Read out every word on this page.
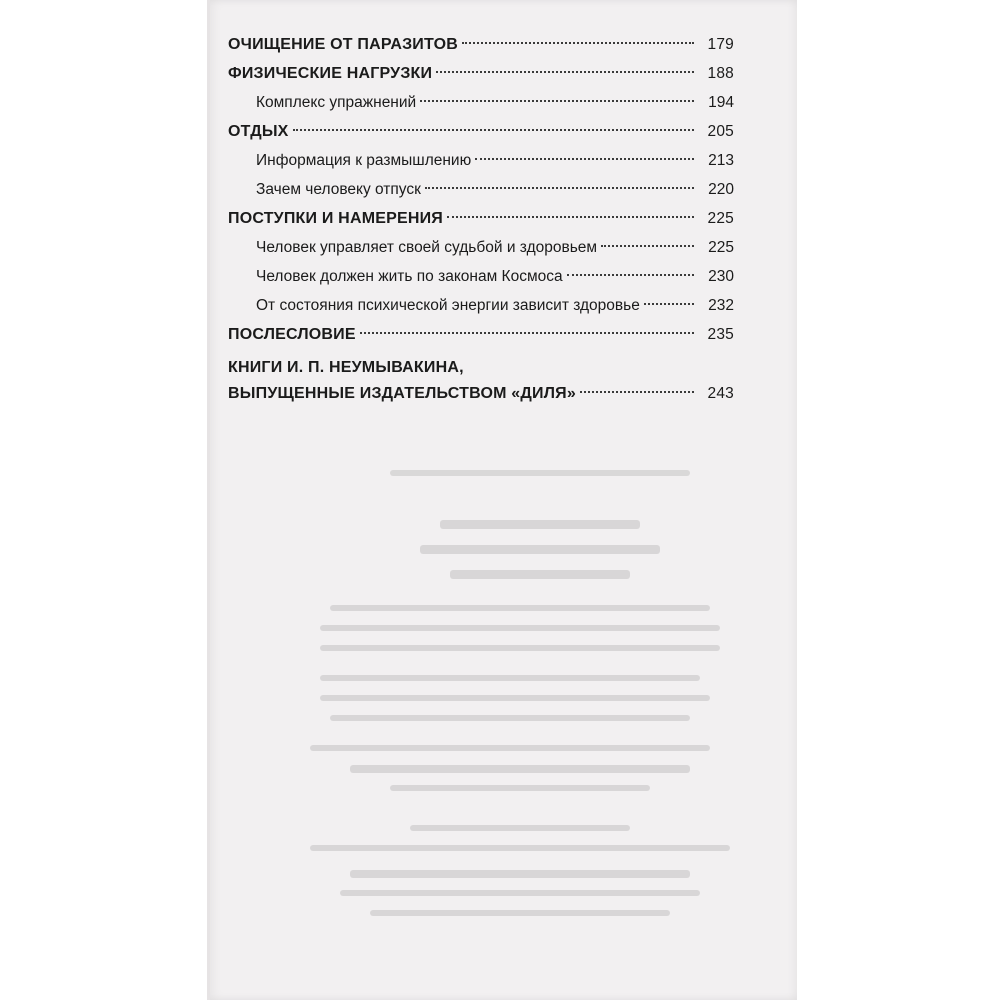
ОЧИЩЕНИЕ ОТ ПАРАЗИТОВ	179
ФИЗИЧЕСКИЕ НАГРУЗКИ	188
Комплекс упражнений	194
ОТДЫХ	205
Информация к размышлению	213
Зачем человеку отпуск	220
ПОСТУПКИ И НАМЕРЕНИЯ	225
Человек управляет своей судьбой и здоровьем	225
Человек должен жить по законам Космоса	230
От состояния психической энергии зависит здоровье	232
ПОСЛЕСЛОВИЕ	235
КНИГИ И. П. НЕУМЫВАКИНА,
ВЫПУЩЕННЫЕ ИЗДАТЕЛЬСТВОМ «ДИЛЯ»	243
